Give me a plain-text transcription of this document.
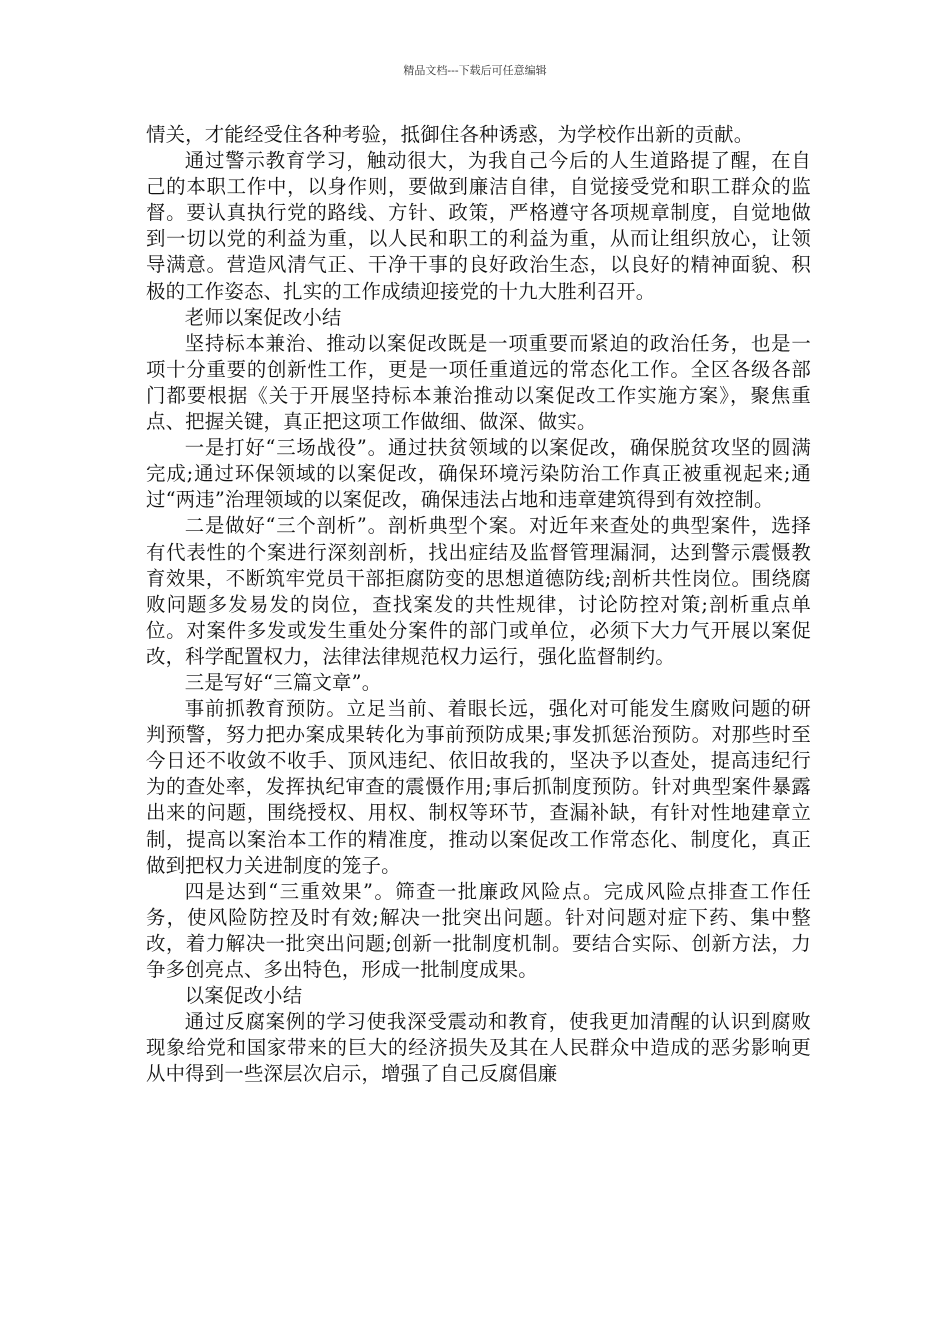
精品文档---下载后可任意编辑

情关，才能经受住各种考验，抵御住各种诱惑，为学校作出新的贡献。

通过警示教育学习，触动很大，为我自己今后的人生道路提了醒，在自己的本职工作中，以身作则，要做到廉洁自律，自觉接受党和职工群众的监督。要认真执行党的路线、方针、政策，严格遵守各项规章制度，自觉地做到一切以党的利益为重，以人民和职工的利益为重，从而让组织放心，让领导满意。营造风清气正、干净干事的良好政治生态，以良好的精神面貌、积极的工作姿态、扎实的工作成绩迎接党的十九大胜利召开。

老师以案促改小结

坚持标本兼治、推动以案促改既是一项重要而紧迫的政治任务，也是一项十分重要的创新性工作，更是一项任重道远的常态化工作。全区各级各部门都要根据《关于开展坚持标本兼治推动以案促改工作实施方案》，聚焦重点、把握关键，真正把这项工作做细、做深、做实。

一是打好“三场战役”。通过扶贫领域的以案促改，确保脱贫攻坚的圆满完成;通过环保领域的以案促改，确保环境污染防治工作真正被重视起来;通过“两违”治理领域的以案促改，确保违法占地和违章建筑得到有效控制。

二是做好“三个剖析”。剖析典型个案。对近年来查处的典型案件，选择有代表性的个案进行深刻剖析，找出症结及监督管理漏洞，达到警示震慑教育效果，不断筑牢党员干部拒腐防变的思想道德防线;剖析共性岗位。围绕腐败问题多发易发的岗位，查找案发的共性规律，讨论防控对策;剖析重点单位。对案件多发或发生重处分案件的部门或单位，必须下大力气开展以案促改，科学配置权力，法律法律规范权力运行，强化监督制约。

三是写好“三篇文章”。

事前抓教育预防。立足当前、着眼长远，强化对可能发生腐败问题的研判预警，努力把办案成果转化为事前预防成果;事发抓惩治预防。对那些时至今日还不收敛不收手、顶风违纪、依旧故我的，坚决予以查处，提高违纪行为的查处率，发挥执纪审查的震慑作用;事后抓制度预防。针对典型案件暴露出来的问题，围绕授权、用权、制权等环节，查漏补缺，有针对性地建章立制，提高以案治本工作的精准度，推动以案促改工作常态化、制度化，真正做到把权力关进制度的笼子。

四是达到“三重效果”。筛查一批廉政风险点。完成风险点排查工作任务，使风险防控及时有效;解决一批突出问题。针对问题对症下药、集中整改，着力解决一批突出问题;创新一批制度机制。要结合实际、创新方法，力争多创亮点、多出特色，形成一批制度成果。

以案促改小结

通过反腐案例的学习使我深受震动和教育，使我更加清醒的认识到腐败现象给党和国家带来的巨大的经济损失及其在人民群众中造成的恶劣影响更从中得到一些深层次启示，增强了自己反腐倡廉
